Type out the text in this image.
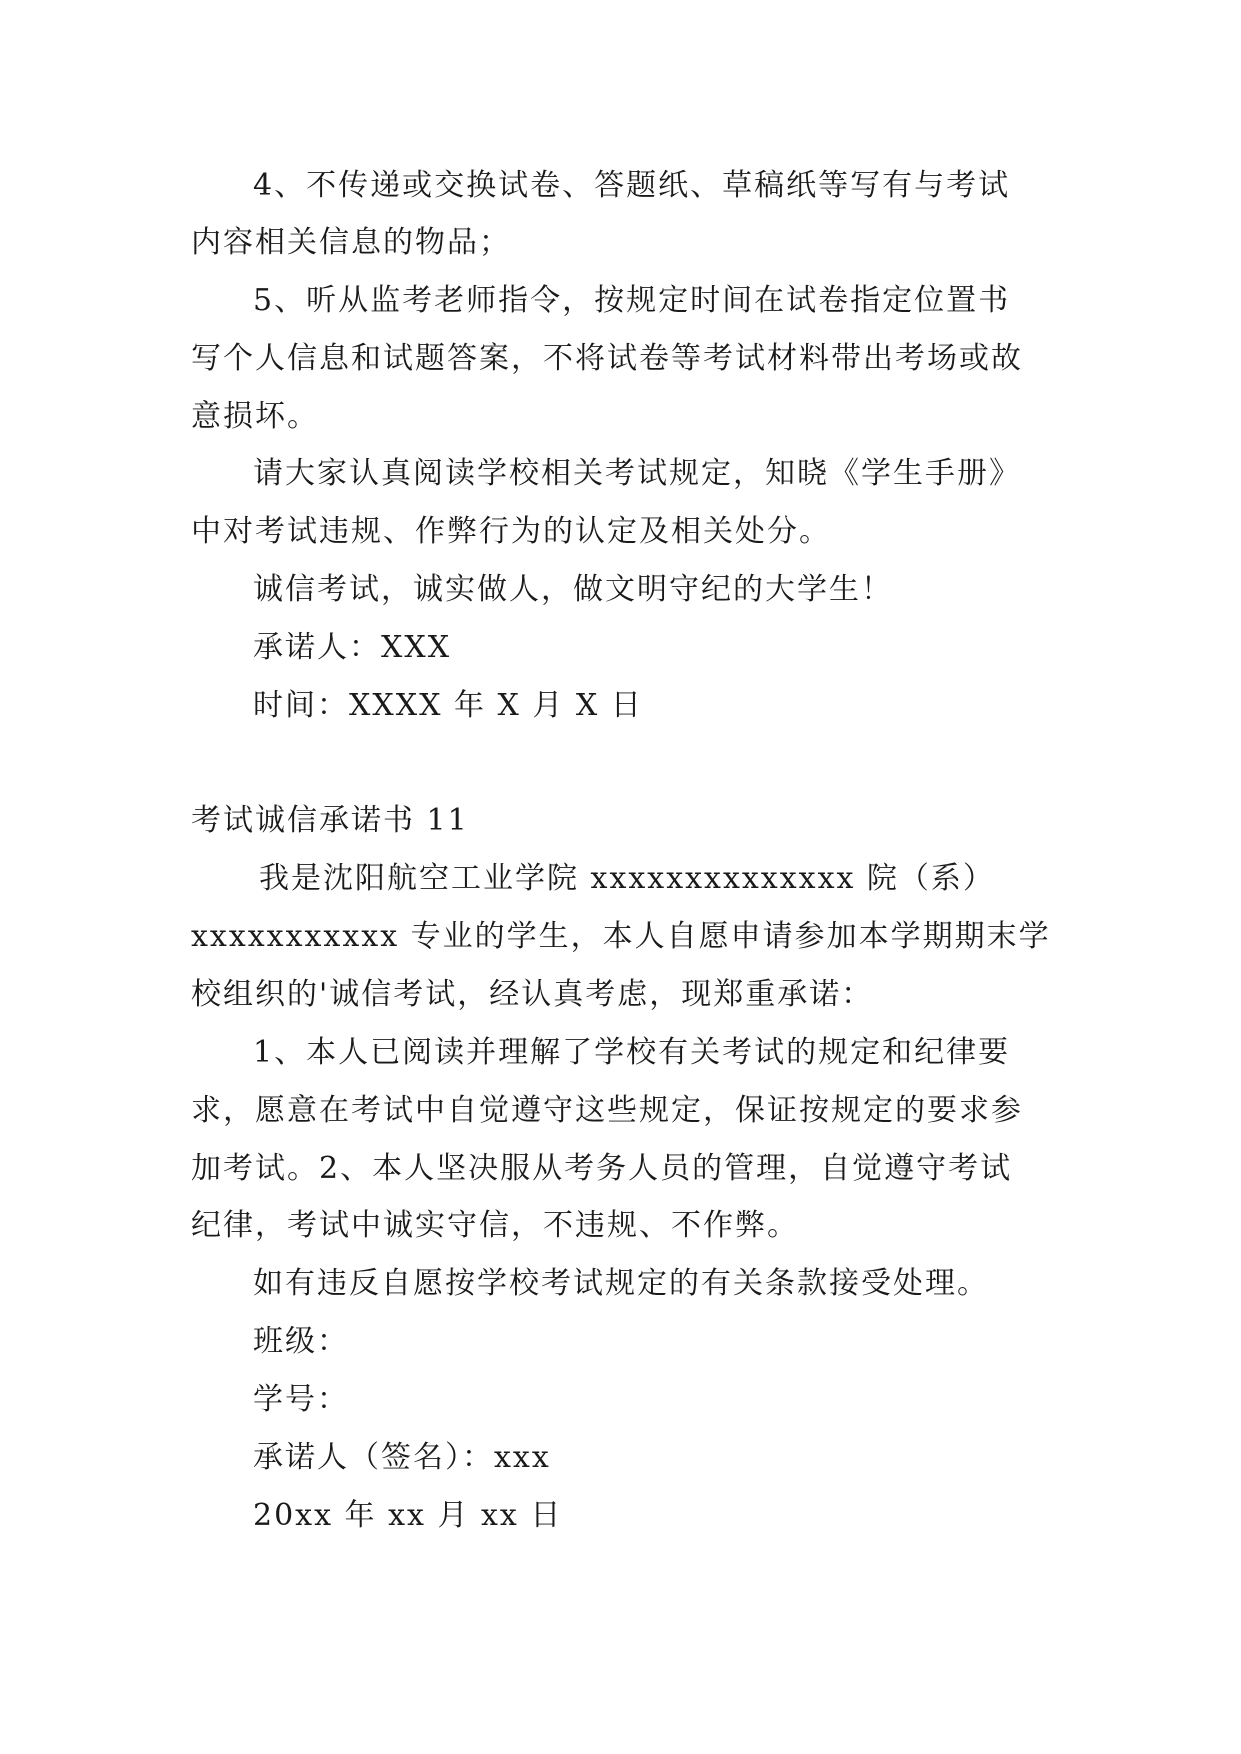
4、不传递或交换试卷、答题纸、草稿纸等写有与考试

内容相关信息的物品；

5、听从监考老师指令，按规定时间在试卷指定位置书

写个人信息和试题答案，不将试卷等考试材料带出考场或故

意损坏。

请大家认真阅读学校相关考试规定，知晓《学生手册》

中对考试违规、作弊行为的认定及相关处分。

诚信考试，诚实做人，做文明守纪的大学生！

承诺人：XXX

时间：XXXX 年 X 月 X 日

考试诚信承诺书 11

我是沈阳航空工业学院 xxxxxxxxxxxxxx 院（系）

xxxxxxxxxxx 专业的学生，本人自愿申请参加本学期期末学

校组织的'诚信考试，经认真考虑，现郑重承诺：

1、本人已阅读并理解了学校有关考试的规定和纪律要

求，愿意在考试中自觉遵守这些规定，保证按规定的要求参

加考试。2、本人坚决服从考务人员的管理，自觉遵守考试

纪律，考试中诚实守信，不违规、不作弊。

如有违反自愿按学校考试规定的有关条款接受处理。

班级：

学号：

承诺人（签名）：xxx

20xx 年 xx 月 xx 日
